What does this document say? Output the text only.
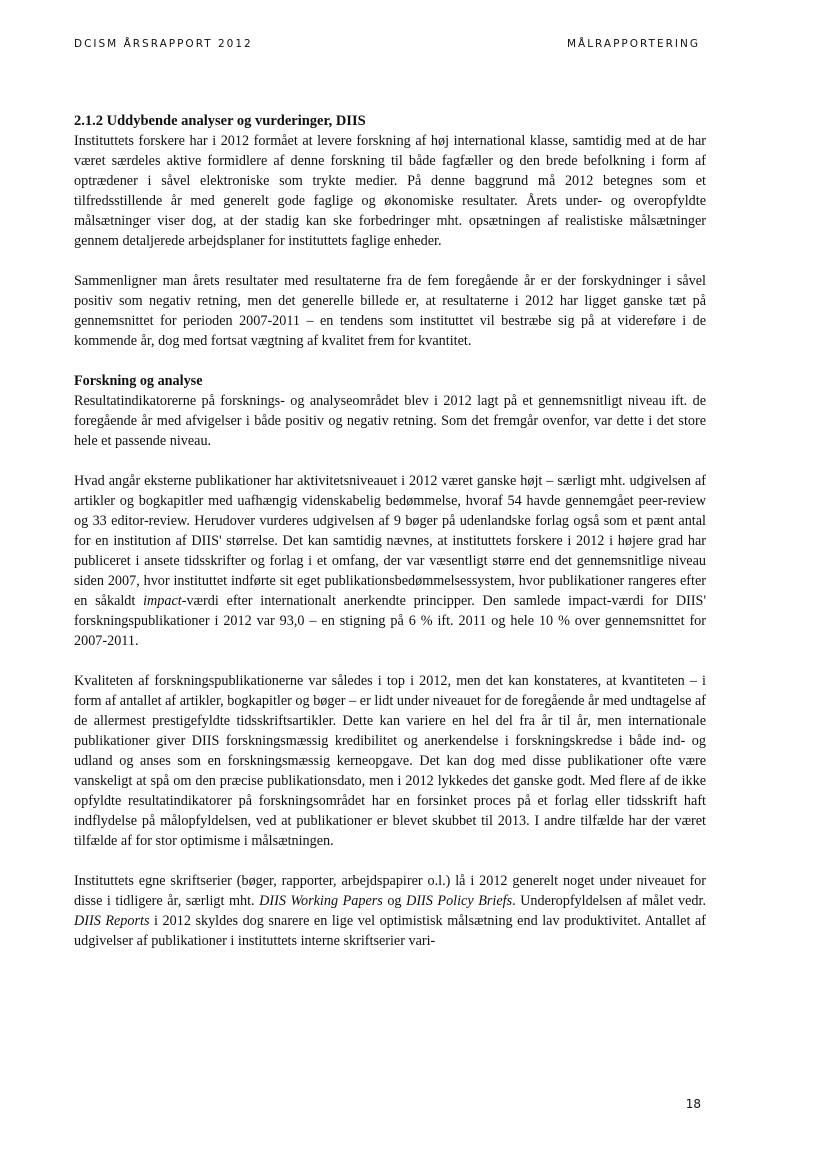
DCISM ÅRSRAPPORT 2012	MÅLRAPPORTERING
2.1.2 Uddybende analyser og vurderinger, DIIS

Instituttets forskere har i 2012 formået at levere forskning af høj international klasse, samtidig med at de har været særdeles aktive formidlere af denne forskning til både fagfæller og den brede befolkning i form af optrædener i såvel elektroniske som trykte medier. På denne baggrund må 2012 betegnes som et tilfredsstillende år med generelt gode faglige og økonomiske resultater. Årets under- og overopfyldte målsætninger viser dog, at der stadig kan ske forbedringer mht. opsætningen af realistiske målsætninger gennem detaljerede arbejdsplaner for instituttets faglige enheder.

Sammenligner man årets resultater med resultaterne fra de fem foregående år er der forskydninger i såvel positiv som negativ retning, men det generelle billede er, at resultaterne i 2012 har ligget ganske tæt på gennemsnittet for perioden 2007-2011 – en tendens som instituttet vil bestræbe sig på at videreføre i de kommende år, dog med fortsat vægtning af kvalitet frem for kvantitet.

Forskning og analyse

Resultatindikatorerne på forsknings- og analyseområdet blev i 2012 lagt på et gennemsnitligt niveau ift. de foregående år med afvigelser i både positiv og negativ retning. Som det fremgår ovenfor, var dette i det store hele et passende niveau.

Hvad angår eksterne publikationer har aktivitetsniveauet i 2012 været ganske højt – særligt mht. udgivelsen af artikler og bogkapitler med uafhængig videnskabelig bedømmelse, hvoraf 54 havde gennemgået peer-review og 33 editor-review. Herudover vurderes udgivelsen af 9 bøger på udenlandske forlag også som et pænt antal for en institution af DIIS' størrelse. Det kan samtidig nævnes, at instituttets forskere i 2012 i højere grad har publiceret i ansete tidsskrifter og forlag i et omfang, der var væsentligt større end det gennemsnitlige niveau siden 2007, hvor instituttet indførte sit eget publikationsbedømmelsessystem, hvor publikationer rangeres efter en såkaldt impact-værdi efter internationalt anerkendte principper. Den samlede impact-værdi for DIIS' forskningspublikationer i 2012 var 93,0 – en stigning på 6 % ift. 2011 og hele 10 % over gennemsnittet for 2007-2011.

Kvaliteten af forskningspublikationerne var således i top i 2012, men det kan konstateres, at kvantiteten – i form af antallet af artikler, bogkapitler og bøger – er lidt under niveauet for de foregående år med undtagelse af de allermest prestigefyldte tidsskriftsartikler. Dette kan variere en hel del fra år til år, men internationale publikationer giver DIIS forskningsmæssig kredibilitet og anerkendelse i forskningskredse i både ind- og udland og anses som en forskningsmæssig kerneopgave. Det kan dog med disse publikationer ofte være vanskeligt at spå om den præcise publikationsdato, men i 2012 lykkedes det ganske godt. Med flere af de ikke opfyldte resultatindikatorer på forskningsområdet har en forsinket proces på et forlag eller tidsskrift haft indflydelse på målopfyldelsen, ved at publikationer er blevet skubbet til 2013. I andre tilfælde har der været tilfælde af for stor optimisme i målsætningen.

Instituttets egne skriftserier (bøger, rapporter, arbejdspapirer o.l.) lå i 2012 generelt noget under niveauet for disse i tidligere år, særligt mht. DIIS Working Papers og DIIS Policy Briefs. Underopfyldelsen af målet vedr. DIIS Reports i 2012 skyldes dog snarere en lige vel optimistisk målsætning end lav produktivitet. Antallet af udgivelser af publikationer i instituttets interne skriftserier vari-

18
